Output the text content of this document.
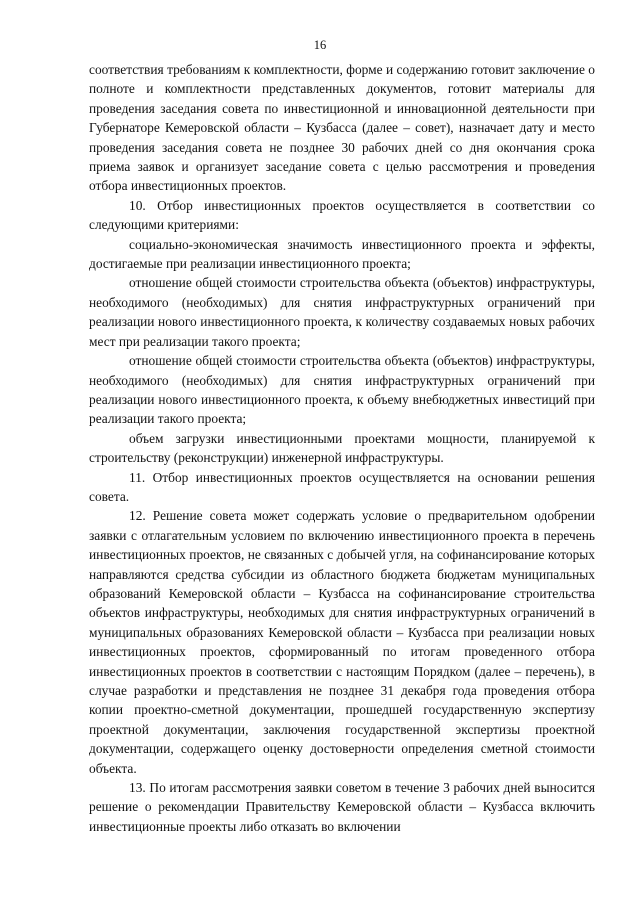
16

соответствия требованиям к комплектности, форме и содержанию готовит заключение о полноте и комплектности представленных документов, готовит материалы для проведения заседания совета по инвестиционной и инновационной деятельности при Губернаторе Кемеровской области – Кузбасса (далее – совет), назначает дату и место проведения заседания совета не позднее 30 рабочих дней со дня окончания срока приема заявок и организует заседание совета с целью рассмотрения и проведения отбора инвестиционных проектов.

10. Отбор инвестиционных проектов осуществляется в соответствии со следующими критериями:

социально-экономическая значимость инвестиционного проекта и эффекты, достигаемые при реализации инвестиционного проекта;

отношение общей стоимости строительства объекта (объектов) инфраструктуры, необходимого (необходимых) для снятия инфраструктурных ограничений при реализации нового инвестиционного проекта, к количеству создаваемых новых рабочих мест при реализации такого проекта;

отношение общей стоимости строительства объекта (объектов) инфраструктуры, необходимого (необходимых) для снятия инфраструктурных ограничений при реализации нового инвестиционного проекта, к объему внебюджетных инвестиций при реализации такого проекта;

объем загрузки инвестиционными проектами мощности, планируемой к строительству (реконструкции) инженерной инфраструктуры.

11. Отбор инвестиционных проектов осуществляется на основании решения совета.

12. Решение совета может содержать условие о предварительном одобрении заявки с отлагательным условием по включению инвестиционного проекта в перечень инвестиционных проектов, не связанных с добычей угля, на софинансирование которых направляются средства субсидии из областного бюджета бюджетам муниципальных образований Кемеровской области – Кузбасса на софинансирование строительства объектов инфраструктуры, необходимых для снятия инфраструктурных ограничений в муниципальных образованиях Кемеровской области – Кузбасса при реализации новых инвестиционных проектов, сформированный по итогам проведенного отбора инвестиционных проектов в соответствии с настоящим Порядком (далее – перечень), в случае разработки и представления не позднее 31 декабря года проведения отбора копии проектно-сметной документации, прошедшей государственную экспертизу проектной документации, заключения государственной экспертизы проектной документации, содержащего оценку достоверности определения сметной стоимости объекта.

13. По итогам рассмотрения заявки советом в течение 3 рабочих дней выносится решение о рекомендации Правительству Кемеровской области – Кузбасса включить инвестиционные проекты либо отказать во включении
